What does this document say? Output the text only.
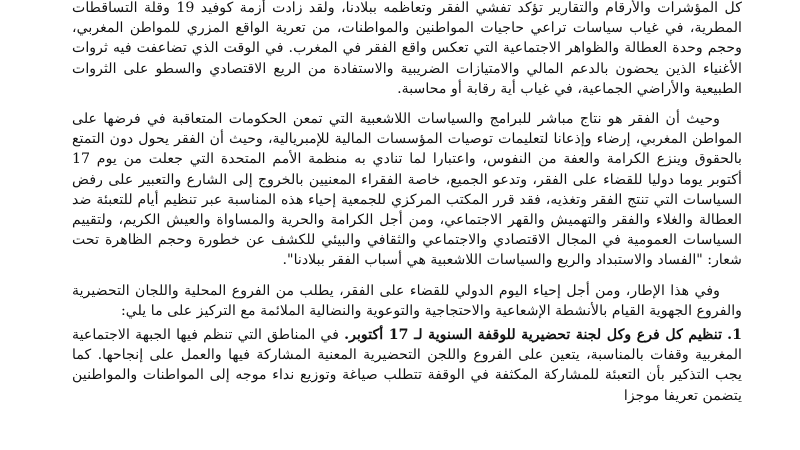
كل المؤشرات والأرقام والتقارير تؤكد تفشي الفقر وتعاظمه ببلادنا، ولقد زادت أزمة كوفيد 19 وقلة التساقطات المطرية، في غياب سياسات تراعي حاجيات المواطنين والمواطنات، من تعرية الواقع المزري للمواطن المغربي، وحجم وحدة العطالة والظواهر الاجتماعية التي تعكس واقع الفقر في المغرب. في الوقت الذي تضاعفت فيه ثروات الأغنياء الذين يحضون بالدعم المالي والامتيازات الضريبية والاستفادة من الريع الاقتصادي والسطو على الثروات الطبيعية والأراضي الجماعية، في غياب أية رقابة أو محاسبة.

وحيث أن الفقر هو نتاج مباشر للبرامج والسياسات اللاشعبية التي تمعن الحكومات المتعاقبة في فرضها على المواطن المغربي، إرضاء وإذعانا لتعليمات توصيات المؤسسات المالية للإمبريالية، وحيث أن الفقر يحول دون التمتع بالحقوق وينزع الكرامة والعفة من النفوس، واعتبارا لما تنادي به منظمة الأمم المتحدة التي جعلت من يوم 17 أكتوبر يوما دوليا للقضاء على الفقر، وتدعو الجميع، خاصة الفقراء المعنيين بالخروج إلى الشارع والتعبير على رفض السياسات التي تنتج الفقر وتغذيه، فقد قرر المكتب المركزي للجمعية إحياء هذه المناسبة عبر تنظيم أيام للتعبئة ضد العطالة والغلاء والفقر والتهميش والقهر الاجتماعي، ومن أجل الكرامة والحرية والمساواة والعيش الكريم، ولتقييم السياسات العمومية في المجال الاقتصادي والاجتماعي والثقافي والبيئي للكشف عن خطورة وحجم الظاهرة تحت شعار: "الفساد والاستبداد والريع والسياسات اللاشعبية هي أسباب الفقر ببلادنا".

وفي هذا الإطار، ومن أجل إحياء اليوم الدولي للقضاء على الفقر، يطلب من الفروع المحلية واللجان التحضيرية والفروع الجهوية القيام بالأنشطة الإشعاعية والاحتجاجية والتوعوية والنضالية الملائمة مع التركيز على ما يلي:

1. تنظيم كل فرع وكل لجنة تحضيرية للوقفة السنوية لـ 17 أكتوبر. في المناطق التي تنظم فيها الجبهة الاجتماعية المغربية وقفات بالمناسبة، يتعين على الفروع واللجن التحضيرية المعنية المشاركة فيها والعمل على إنجاحها. كما يجب التذكير بأن التعبئة للمشاركة المكثفة في الوقفة تتطلب صياغة وتوزيع نداء موجه إلى المواطنات والمواطنين يتضمن تعريفا موجزا
